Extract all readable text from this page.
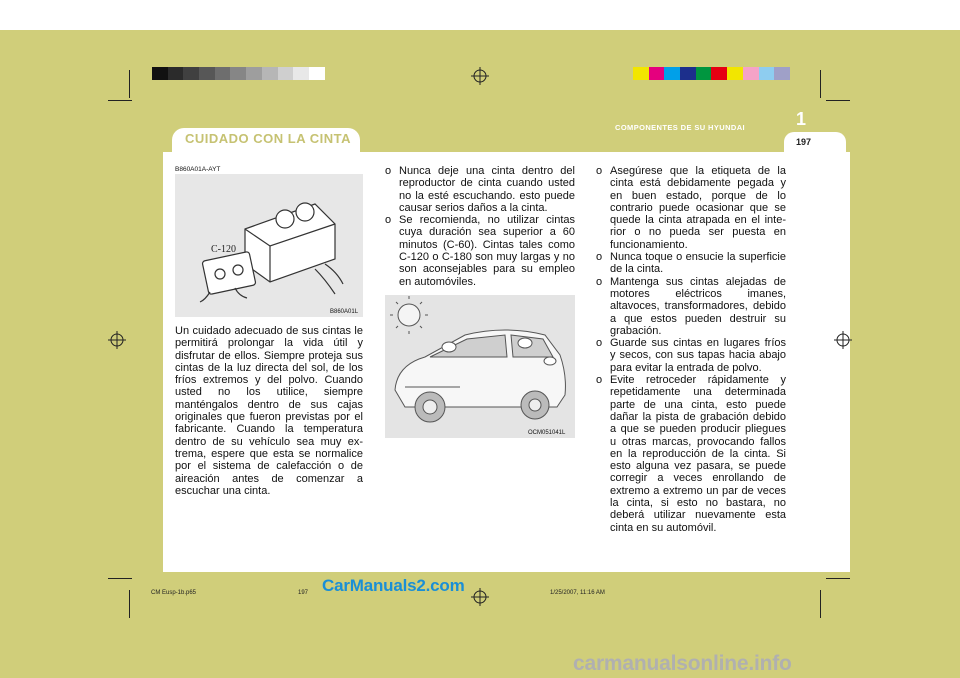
CUIDADO CON LA CINTA
COMPONENTES DE SU HYUNDAI	1
197
B860A01A-AYT
C-120
B860A01L
Un cuidado adecuado de sus cintas le permitirá prolongar la vida útil y disfrutar de ellos. Siempre proteja sus cintas de la luz directa del sol, de los fríos extremos y del polvo. Cuando usted no los utilice, siempre manténgalos dentro de sus cajas originales que fueron previstas por el fabricante. Cuando la temperatura dentro de su vehículo sea muy ex- trema, espere que esta se normalice por el sistema de calefacción o de aireación antes de comenzar a escuchar una cinta.
o Nunca deje una cinta dentro del reproductor de cinta cuando usted no la esté escuchando. esto puede causar serios daños a la cinta.
o Se recomienda, no utilizar cintas cuya duración sea superior a 60 minutos (C-60). Cintas tales como C-120 o C-180 son muy largas y no son aconsejables para su empleo en automóviles.
OCM051041L
o Asegúrese que la etiqueta de la cinta está debidamente pegada y en buen estado, porque de lo contrario puede ocasionar que se quede la cinta atrapada en el inte- rior o no pueda ser puesta en funcionamiento.
o Nunca toque o ensucie la superficie de la cinta.
o Mantenga sus cintas alejadas de motores eléctricos imanes, altavoces, transformadores, debido a que estos pueden destruir su grabación.
o Guarde sus cintas en lugares fríos y secos, con sus tapas hacia abajo para evitar la entrada de polvo.
o Evite retroceder rápidamente y repetidamente una determinada parte de una cinta, esto puede dañar la pista de grabación debido a que se pueden producir pliegues u otras marcas, provocando fallos en la reproducción de la cinta. Si esto alguna vez pasara, se puede corregir a veces enrollando de extremo a extremo un par de veces la cinta, si esto no bastara, no deberá utilizar nuevamente esta cinta en su automóvil.
CM Eusp-1b.p65	197	1/25/2007, 11:16 AM
CarManuals2.com
carmanualsonline.info
